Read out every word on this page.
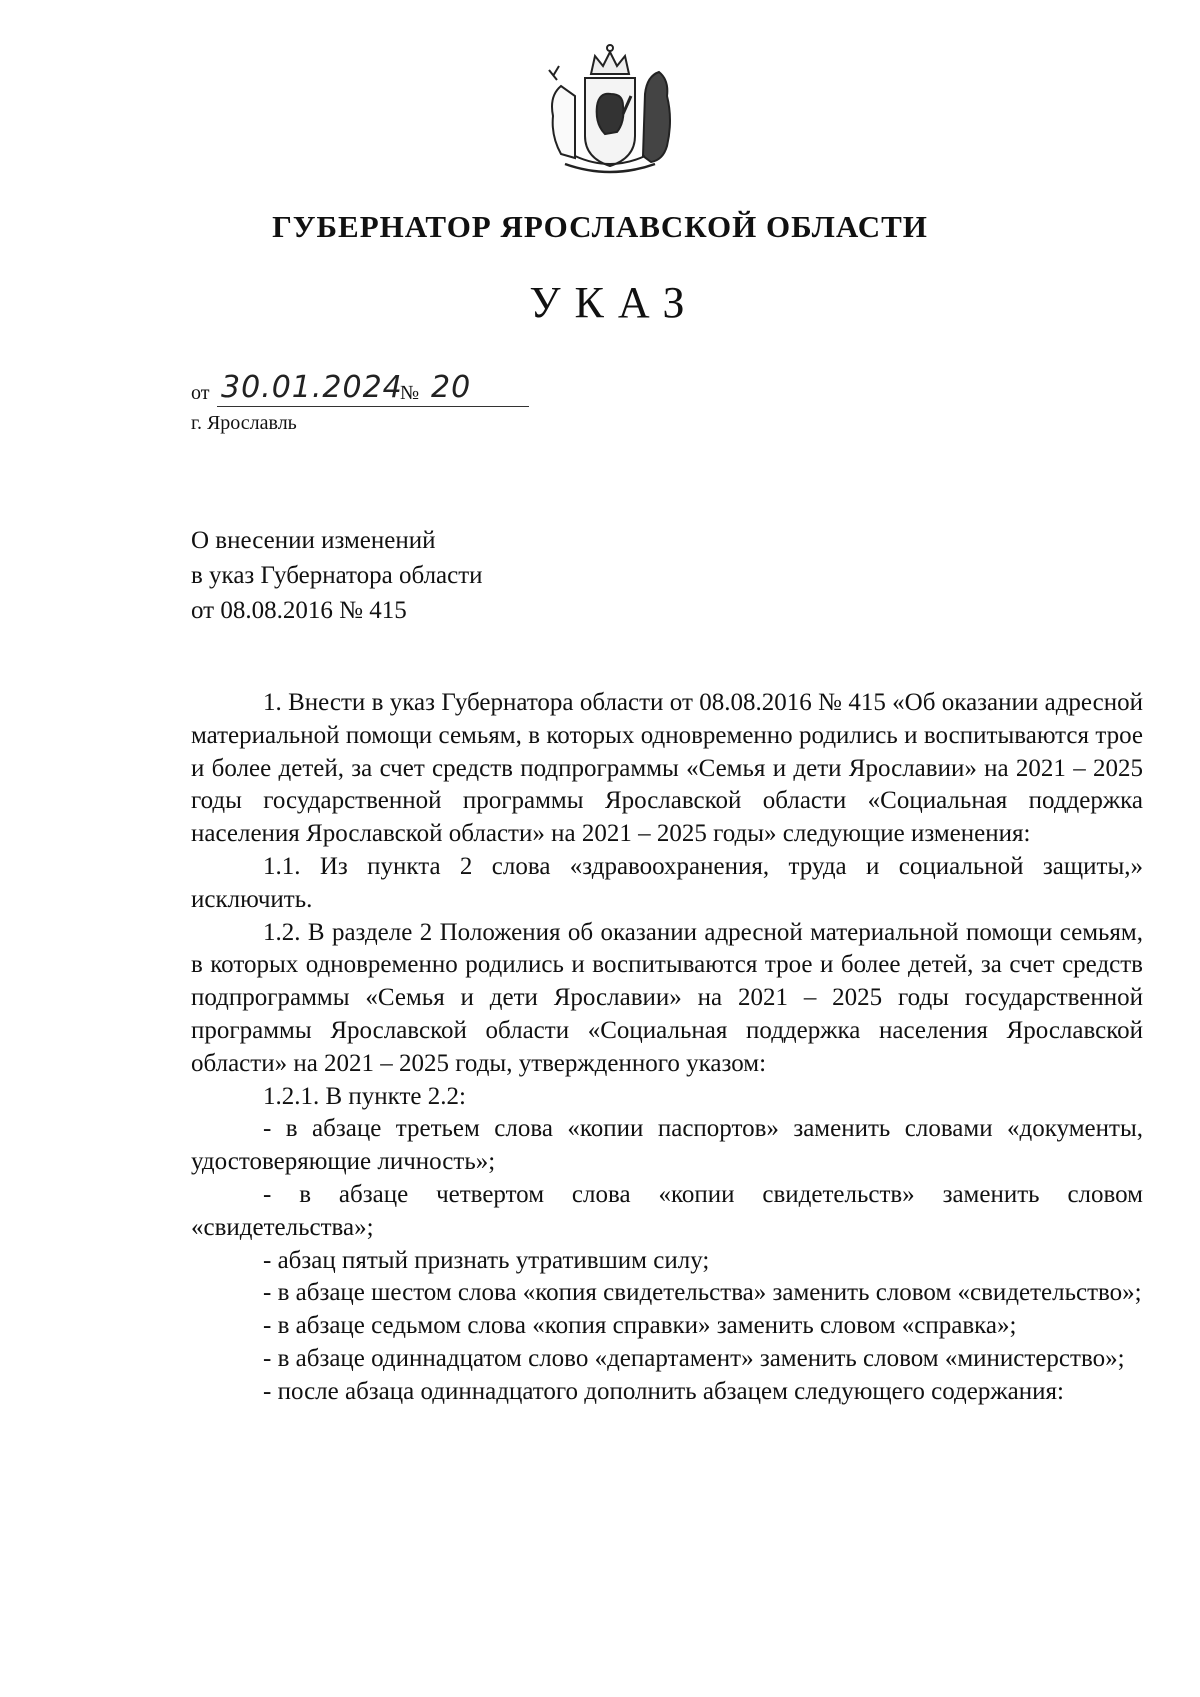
ГУБЕРНАТОР ЯРОСЛАВСКОЙ ОБЛАСТИ
УКАЗ
от 30.01.2024
№ 20
г. Ярославль
О внесении изменений
в указ Губернатора области
от 08.08.2016 № 415

1. Внести в указ Губернатора области от 08.08.2016 № 415 «Об оказании адресной материальной помощи семьям, в которых одновременно родились и воспитываются трое и более детей, за счет средств подпрограммы «Семья и дети Ярославии» на 2021 – 2025 годы государственной программы Ярославской области «Социальная поддержка населения Ярославской области» на 2021 – 2025 годы» следующие изменения:

1.1. Из пункта 2 слова «здравоохранения, труда и социальной защиты,» исключить.

1.2. В разделе 2 Положения об оказании адресной материальной помощи семьям, в которых одновременно родились и воспитываются трое и более детей, за счет средств подпрограммы «Семья и дети Ярославии» на 2021 – 2025 годы государственной программы Ярославской области «Социальная поддержка населения Ярославской области» на 2021 – 2025 годы, утвержденного указом:

1.2.1. В пункте 2.2:

- в абзаце третьем слова «копии паспортов» заменить словами «документы, удостоверяющие личность»;

- в абзаце четвертом слова «копии свидетельств» заменить словом «свидетельства»;

- абзац пятый признать утратившим силу;

- в абзаце шестом слова «копия свидетельства» заменить словом «свидетельство»;

- в абзаце седьмом слова «копия справки» заменить словом «справка»;

- в абзаце одиннадцатом слово «департамент» заменить словом «министерство»;

- после абзаца одиннадцатого дополнить абзацем следующего содержания:
